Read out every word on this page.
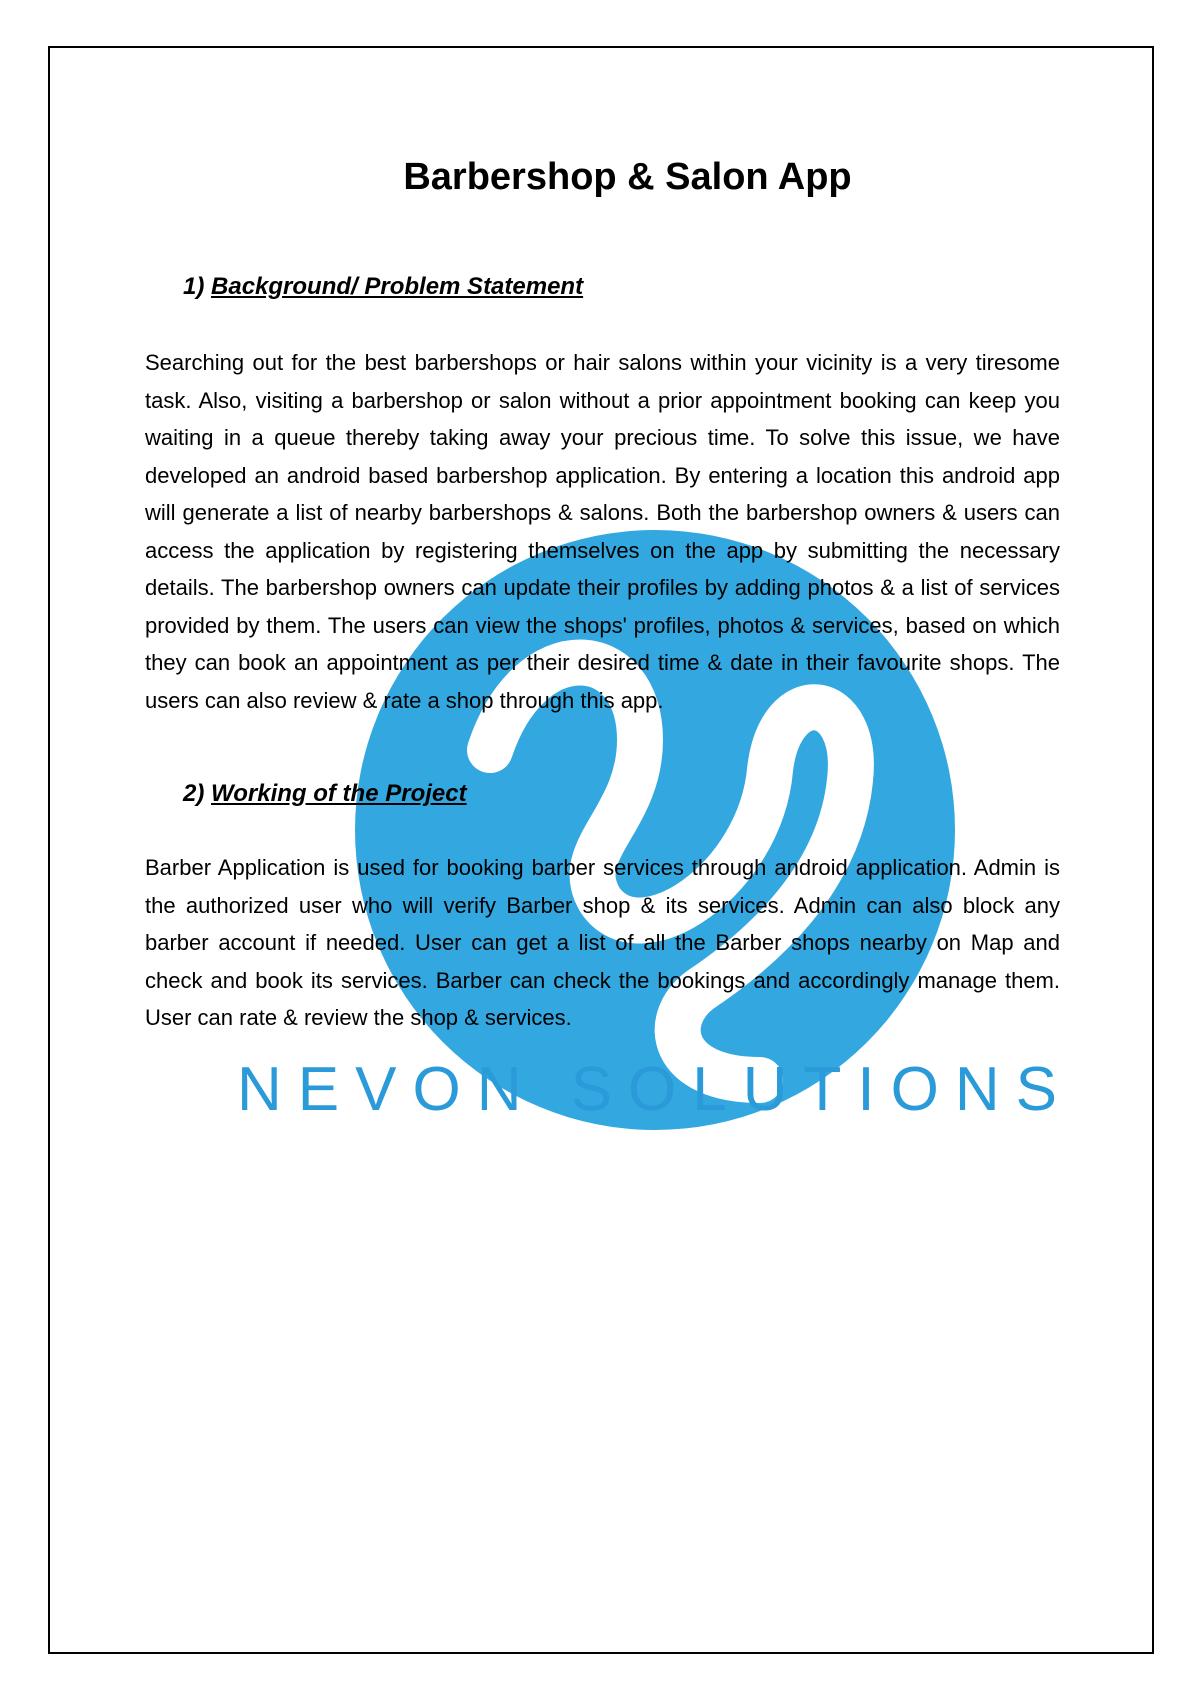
NEVON SOLUTIONS
Barbershop & Salon App
1) Background/ Problem Statement

Searching out for the best barbershops or hair salons within your vicinity is a very tiresome task. Also, visiting a barbershop or salon without a prior appointment booking can keep you waiting in a queue thereby taking away your precious time. To solve this issue, we have developed an android based barbershop application. By entering a location this android app will generate a list of nearby barbershops & salons. Both the barbershop owners & users can access the application by registering themselves on the app by submitting the necessary details. The barbershop owners can update their profiles by adding photos & a list of services provided by them. The users can view the shops' profiles, photos & services, based on which they can book an appointment as per their desired time & date in their favourite shops. The users can also review & rate a shop through this app.

2) Working of the Project

Barber Application is used for booking barber services through android application. Admin is the authorized user who will verify Barber shop & its services. Admin can also block any barber account if needed. User can get a list of all the Barber shops nearby on Map and check and book its services. Barber can check the bookings and accordingly manage them. User can rate & review the shop & services.
